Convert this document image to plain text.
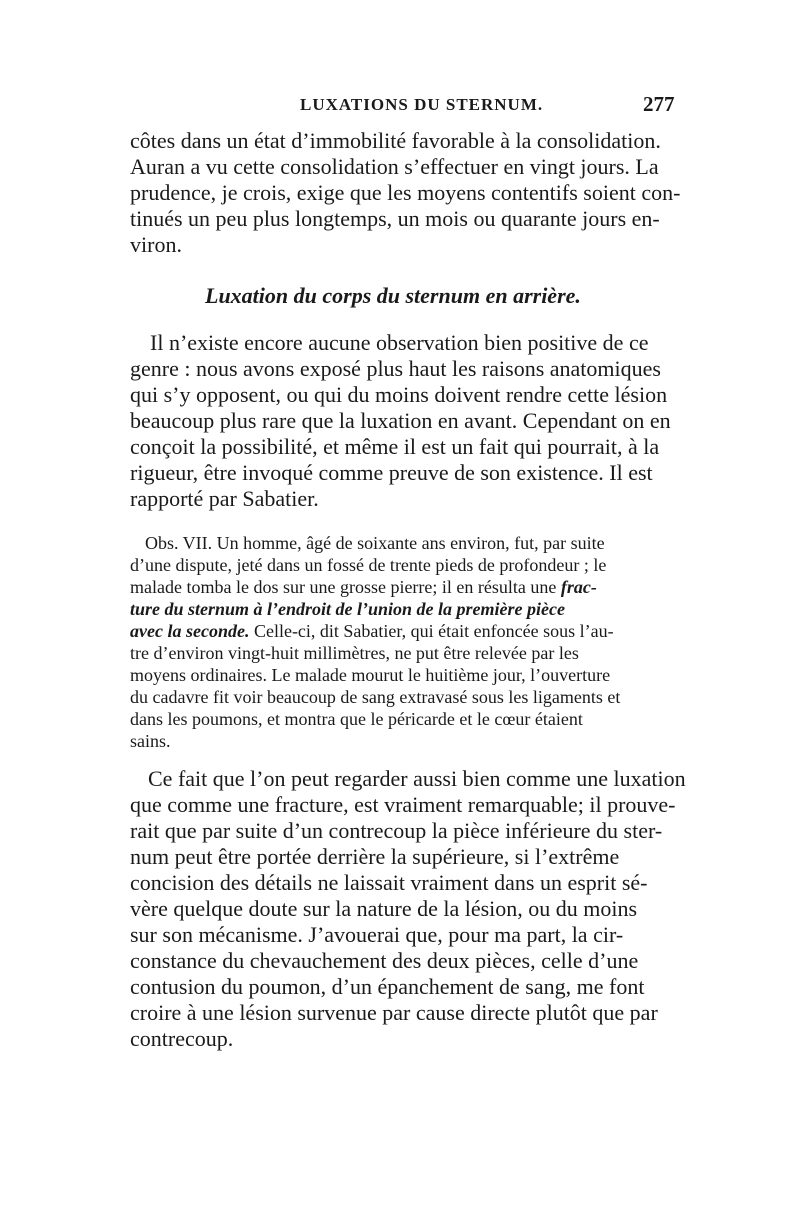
LUXATIONS DU STERNUM.	277

côtes dans un état d’immobilité favorable à la consolidation.

Auran a vu cette consolidation s’effectuer en vingt jours. La

prudence, je crois, exige que les moyens contentifs soient con-

tinués un peu plus longtemps, un mois ou quarante jours en-

viron.

Luxation du corps du sternum en arrière.

Il n’existe encore aucune observation bien positive de ce

genre : nous avons exposé plus haut les raisons anatomiques

qui s’y opposent, ou qui du moins doivent rendre cette lésion

beaucoup plus rare que la luxation en avant. Cependant on en

conçoit la possibilité, et même il est un fait qui pourrait, à la

rigueur, être invoqué comme preuve de son existence. Il est

rapporté par Sabatier.

Obs. VII. Un homme, âgé de soixante ans environ, fut, par suite

d’une dispute, jeté dans un fossé de trente pieds de profondeur ; le

malade tomba le dos sur une grosse pierre; il en résulta une frac-

ture du sternum à l’endroit de l’union de la première pièce

avec la seconde. Celle-ci, dit Sabatier, qui était enfoncée sous l’au-

tre d’environ vingt-huit millimètres, ne put être relevée par les

moyens ordinaires. Le malade mourut le huitième jour, l’ouverture

du cadavre fit voir beaucoup de sang extravasé sous les ligaments et

dans les poumons, et montra que le péricarde et le cœur étaient

sains.

Ce fait que l’on peut regarder aussi bien comme une luxation

que comme une fracture, est vraiment remarquable; il prouve-

rait que par suite d’un contrecoup la pièce inférieure du ster-

num peut être portée derrière la supérieure, si l’extrême

concision des détails ne laissait vraiment dans un esprit sé-

vère quelque doute sur la nature de la lésion, ou du moins

sur son mécanisme. J’avouerai que, pour ma part, la cir-

constance du chevauchement des deux pièces, celle d’une

contusion du poumon, d’un épanchement de sang, me font

croire à une lésion survenue par cause directe plutôt que par

contrecoup.
